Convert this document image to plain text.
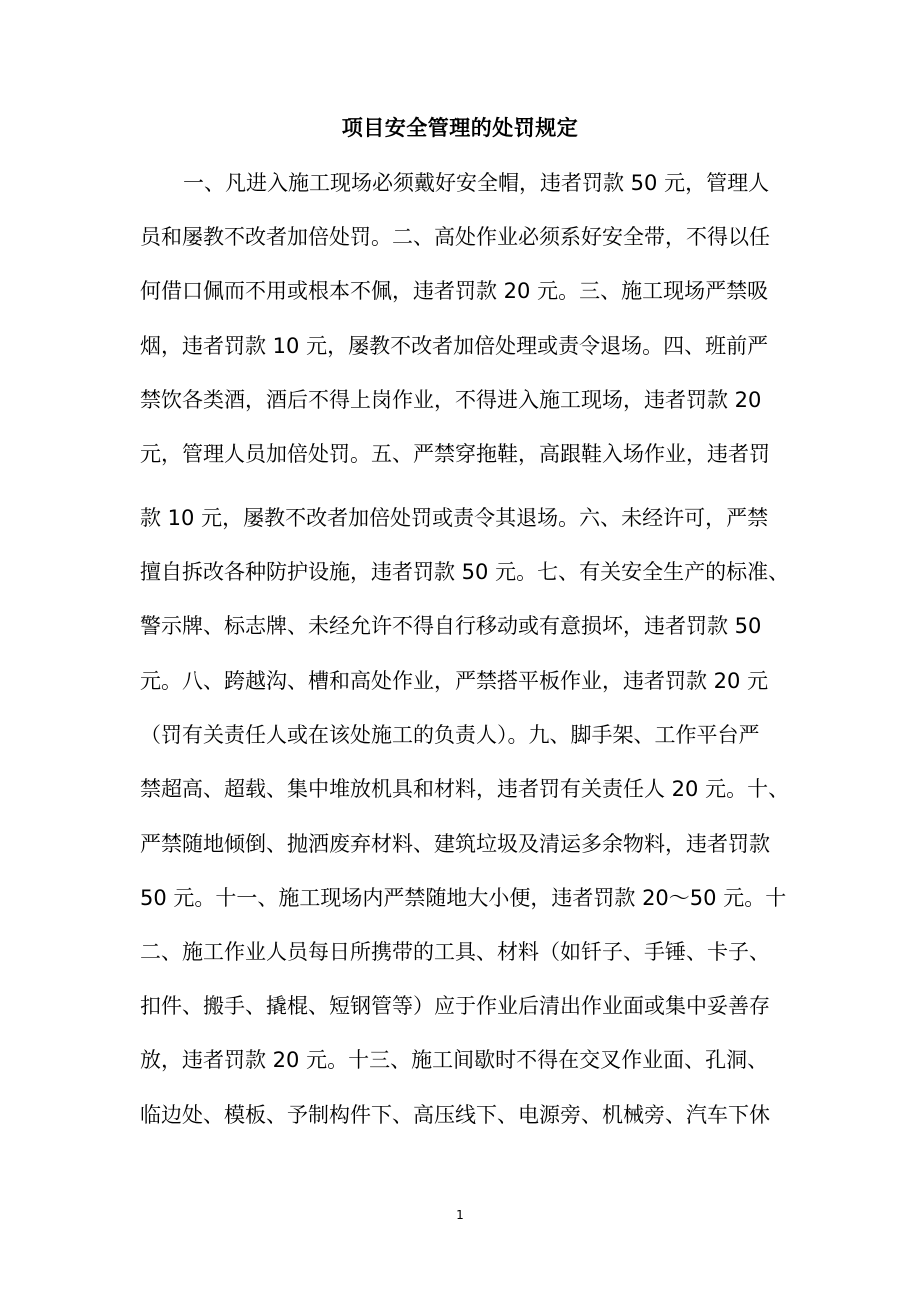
项目安全管理的处罚规定

一、凡进入施工现场必须戴好安全帽，违者罚款 50 元，管理人

员和屡教不改者加倍处罚。二、高处作业必须系好安全带，不得以任

何借口佩而不用或根本不佩，违者罚款 20 元。三、施工现场严禁吸

烟，违者罚款 10 元，屡教不改者加倍处理或责令退场。四、班前严

禁饮各类酒，酒后不得上岗作业，不得进入施工现场，违者罚款 20

元，管理人员加倍处罚。五、严禁穿拖鞋，高跟鞋入场作业，违者罚

款 10 元，屡教不改者加倍处罚或责令其退场。六、未经许可，严禁

擅自拆改各种防护设施，违者罚款 50 元。七、有关安全生产的标准、

警示牌、标志牌、未经允许不得自行移动或有意损坏，违者罚款 50

元。八、跨越沟、槽和高处作业，严禁搭平板作业，违者罚款 20 元

（罚有关责任人或在该处施工的负责人）。九、脚手架、工作平台严

禁超高、超载、集中堆放机具和材料，违者罚有关责任人 20 元。十、

严禁随地倾倒、抛洒废弃材料、建筑垃圾及清运多余物料，违者罚款

50 元。十一、施工现场内严禁随地大小便，违者罚款 20～50 元。十

二、施工作业人员每日所携带的工具、材料（如钎子、手锤、卡子、

扣件、搬手、撬棍、短钢管等）应于作业后清出作业面或集中妥善存

放，违者罚款 20 元。十三、施工间歇时不得在交叉作业面、孔洞、

临边处、模板、予制构件下、高压线下、电源旁、机械旁、汽车下休

1
